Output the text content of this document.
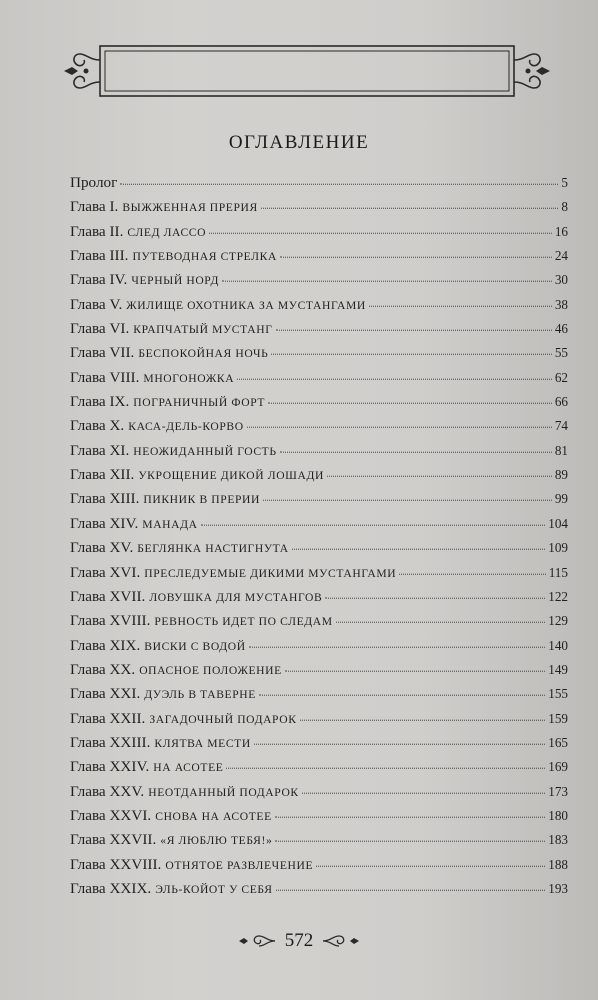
ОГЛАВЛЕНИЕ
Пролог	5
Глава I. ВЫЖЖЕННАЯ ПРЕРИЯ	8
Глава II. СЛЕД ЛАССО	16
Глава III. ПУТЕВОДНАЯ СТРЕЛКА	24
Глава IV. ЧЕРНЫЙ НОРД	30
Глава V. ЖИЛИЩЕ ОХОТНИКА ЗА МУСТАНГАМИ	38
Глава VI. КРАПЧАТЫЙ МУСТАНГ	46
Глава VII. БЕСПОКОЙНАЯ НОЧЬ	55
Глава VIII. МНОГОНОЖКА	62
Глава IX. ПОГРАНИЧНЫЙ ФОРТ	66
Глава X. КАСА-ДЕЛЬ-КОРВО	74
Глава XI. НЕОЖИДАННЫЙ ГОСТЬ	81
Глава XII. УКРОЩЕНИЕ ДИКОЙ ЛОШАДИ	89
Глава XIII. ПИКНИК В ПРЕРИИ	99
Глава XIV. МАНАДА	104
Глава XV. БЕГЛЯНКА НАСТИГНУТА	109
Глава XVI. ПРЕСЛЕДУЕМЫЕ ДИКИМИ МУСТАНГАМИ	115
Глава XVII. ЛОВУШКА ДЛЯ МУСТАНГОВ	122
Глава XVIII. РЕВНОСТЬ ИДЕТ ПО СЛЕДАМ	129
Глава XIX. ВИСКИ С ВОДОЙ	140
Глава XX. ОПАСНОЕ ПОЛОЖЕНИЕ	149
Глава XXI. ДУЭЛЬ В ТАВЕРНЕ	155
Глава XXII. ЗАГАДОЧНЫЙ ПОДАРОК	159
Глава XXIII. КЛЯТВА МЕСТИ	165
Глава XXIV. НА АСОТЕЕ	169
Глава XXV. НЕОТДАННЫЙ ПОДАРОК	173
Глава XXVI. СНОВА НА АСОТЕЕ	180
Глава XXVII. «Я ЛЮБЛЮ ТЕБЯ!»	183
Глава XXVIII. ОТНЯТОЕ РАЗВЛЕЧЕНИЕ	188
Глава XXIX. ЭЛЬ-КОЙОТ У СЕБЯ	193
572
